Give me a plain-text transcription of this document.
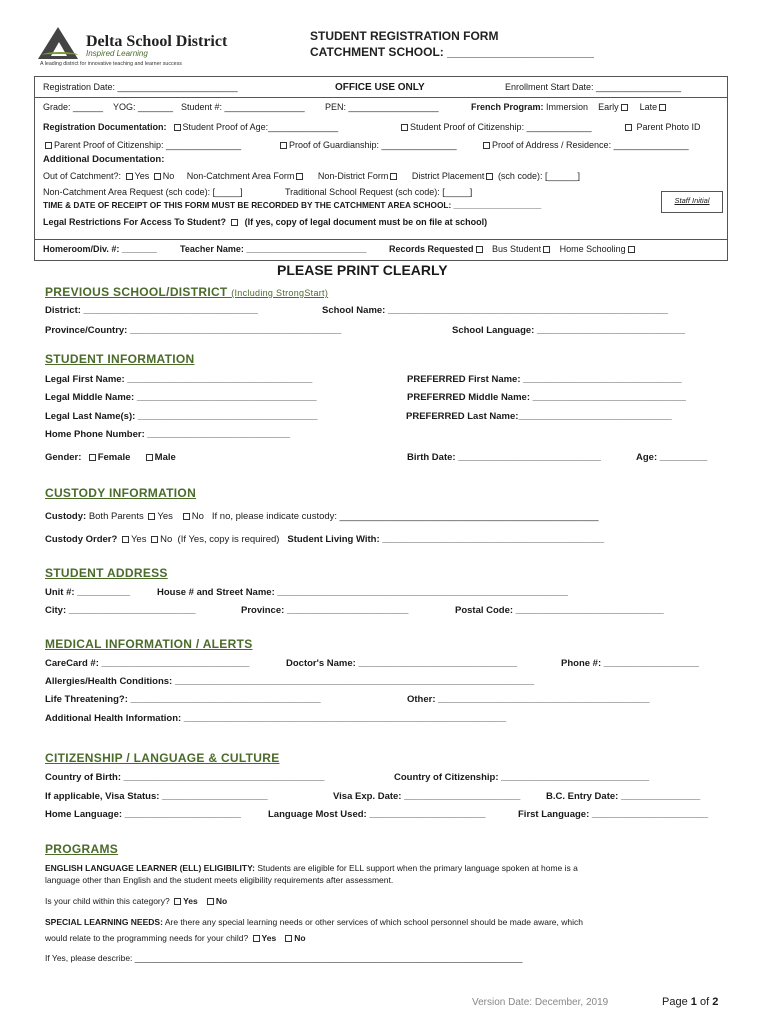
Delta School District
Inspired Learning
A leading district for innovative teaching and learner success
STUDENT REGISTRATION FORM
CATCHMENT SCHOOL: ______________________
Registration Date: ________________________	OFFICE USE ONLY	Enrollment Start Date: _________________
Grade: ______ YOG: _______ Student #: ________________ PEN: __________________	French Program: Immersion Early Late
Registration Documentation: Student Proof of Age:______________	Student Proof of Citizenship: _____________	Parent Photo ID
Parent Proof of Citizenship: _______________	Proof of Guardianship: _______________	Proof of Address / Residence: _______________
Additional Documentation:
Out of Catchment?: Yes No Non-Catchment Area Form	Non-District Form	District Placement (sch code): [______]
Non-Catchment Area Request (sch code): [_____]	Traditional School Request (sch code): [_____]
Staff Initial
TIME & DATE OF RECEIPT OF THIS FORM MUST BE RECORDED BY THE CATCHMENT AREA SCHOOL: ___________________
Legal Restrictions For Access To Student? (If yes, copy of legal document must be on file at school)
Homeroom/Div. #: _______	Teacher Name: ________________________	Records Requested Bus Student Home Schooling
PLEASE PRINT CLEARLY
PREVIOUS SCHOOL/DISTRICT (Including StrongStart)
District: _________________________________	School Name: _____________________________________________________
Province/Country: ________________________________________	School Language: ____________________________
STUDENT INFORMATION
Legal First Name: ___________________________________	PREFERRED First Name: ______________________________
Legal Middle Name: __________________________________	PREFERRED Middle Name: _____________________________
Legal Last Name(s): __________________________________	PREFERRED Last Name:_____________________________
Home Phone Number: ___________________________
Gender: Female	Male	Birth Date: ___________________________	Age: _________
CUSTODY INFORMATION
Custody: Both Parents Yes No If no, please indicate custody: _________________________________________________
Custody Order? Yes No (If Yes, copy is required) Student Living With: __________________________________________
STUDENT ADDRESS
Unit #: __________	House # and Street Name: _______________________________________________________
City: ________________________	Province: _______________________	Postal Code: ____________________________
MEDICAL INFORMATION / ALERTS
CareCard #: ____________________________	Doctor's Name: ______________________________	Phone #: __________________
Allergies/Health Conditions: ____________________________________________________________________
Life Threatening?: ____________________________________	Other: ________________________________________
Additional Health Information: _____________________________________________________________
CITIZENSHIP / LANGUAGE & CULTURE
Country of Birth: ______________________________________	Country of Citizenship: ____________________________
If applicable, Visa Status: ____________________	Visa Exp. Date: ______________________	B.C. Entry Date: _______________
Home Language: ______________________	Language Most Used: ______________________	First Language: ______________________
PROGRAMS
ENGLISH LANGUAGE LEARNER (ELL) ELIGIBILITY: Students are eligible for ELL support when the primary language spoken at home is a
language other than English and the student meets eligibility requirements after assessment.
Is your child within this category? Yes No
SPECIAL LEARNING NEEDS: Are there any special learning needs or other services of which school personnel should be made aware, which
would relate to the programming needs for your child? Yes No
If Yes, please describe: __________________________________________________________________________________
Version Date: December, 2019	Page 1 of 2
